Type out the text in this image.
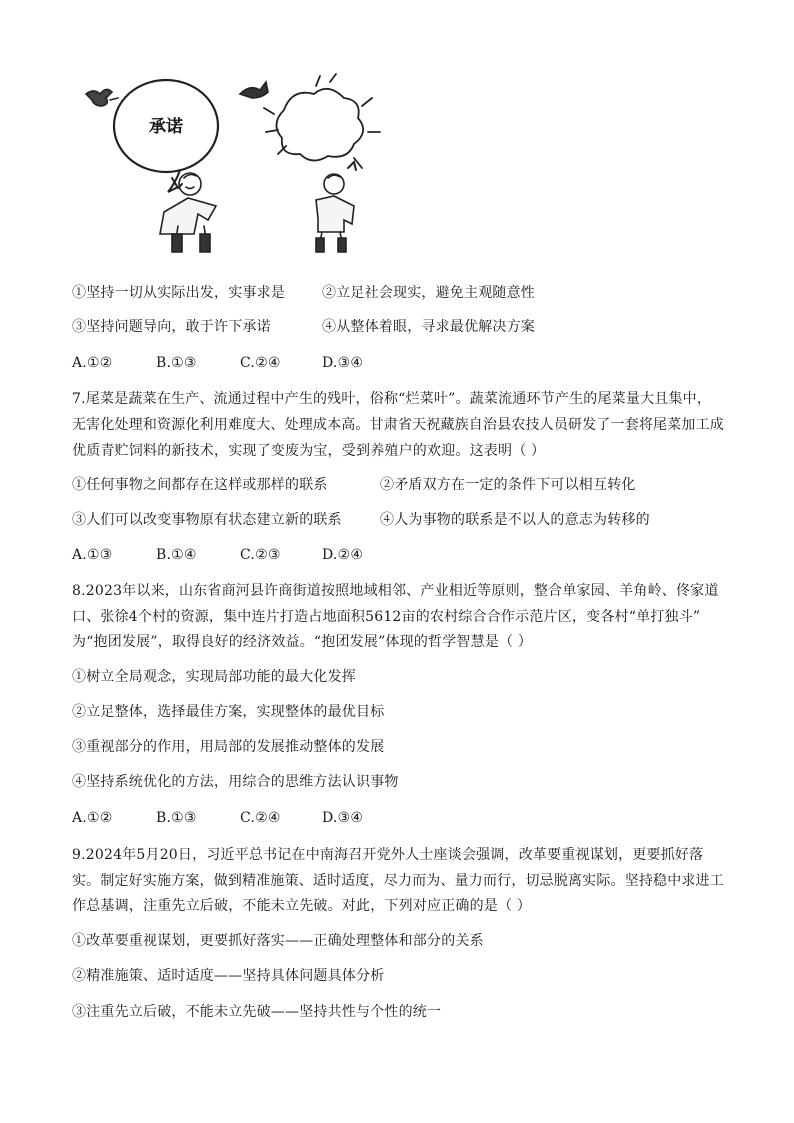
承诺
①坚持一切从实际出发，实事求是	②立足社会现实，避免主观随意性
③坚持问题导向，敢于许下承诺	④从整体着眼，寻求最优解决方案
A.①②	B.①③	C.②④	D.③④
7.尾菜是蔬菜在生产、流通过程中产生的残叶，俗称“烂菜叶”。蔬菜流通环节产生的尾菜量大且集中，
无害化处理和资源化利用难度大、处理成本高。甘肃省天祝藏族自治县农技人员研发了一套将尾菜加工成
优质青贮饲料的新技术，实现了变废为宝，受到养殖户的欢迎。这表明（ ）
①任何事物之间都存在这样或那样的联系	②矛盾双方在一定的条件下可以相互转化
③人们可以改变事物原有状态建立新的联系	④人为事物的联系是不以人的意志为转移的
A.①③	B.①④	C.②③	D.②④
8.2023年以来，山东省商河县许商街道按照地域相邻、产业相近等原则，整合单家园、羊角岭、佟家道
口、张徐4个村的资源，集中连片打造占地面积5612亩的农村综合合作示范片区，变各村“单打独斗”
为“抱团发展”，取得良好的经济效益。“抱团发展”体现的哲学智慧是（ ）
①树立全局观念，实现局部功能的最大化发挥
②立足整体，选择最佳方案，实现整体的最优目标
③重视部分的作用，用局部的发展推动整体的发展
④坚持系统优化的方法，用综合的思维方法认识事物
A.①②	B.①③	C.②④	D.③④
9.2024年5月20日，习近平总书记在中南海召开党外人士座谈会强调，改革要重视谋划，更要抓好落
实。制定好实施方案，做到精准施策、适时适度，尽力而为、量力而行，切忌脱离实际。坚持稳中求进工
作总基调，注重先立后破，不能未立先破。对此，下列对应正确的是（ ）
①改革要重视谋划，更要抓好落实——正确处理整体和部分的关系
②精准施策、适时适度——坚持具体问题具体分析
③注重先立后破，不能未立先破——坚持共性与个性的统一
